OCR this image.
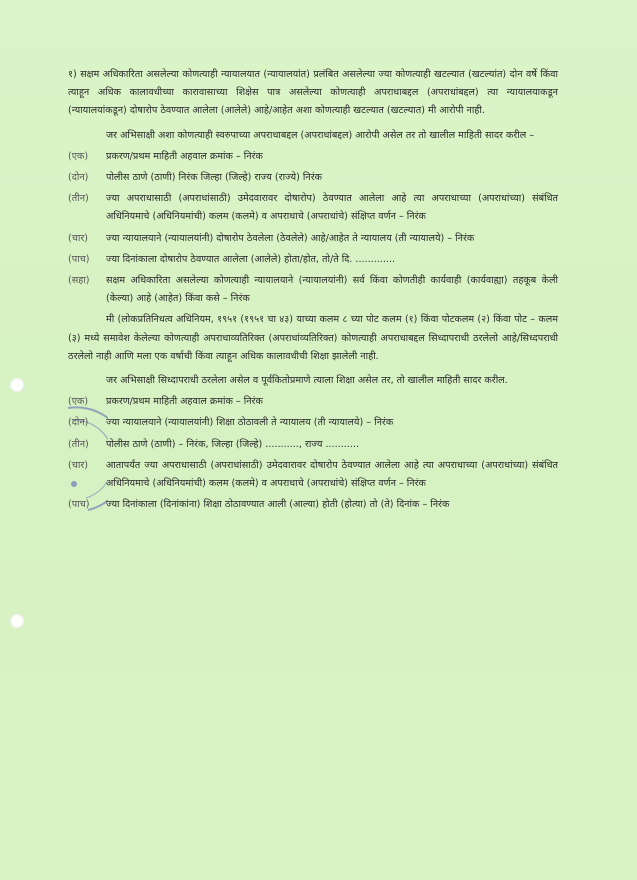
१) सक्षम अधिकारिता असलेल्या कोणत्याही न्यायालयात (न्यायालयांत) प्रलंबित असलेल्या ज्या कोणत्याही खटल्यात (खटल्यांत) दोन वर्षे किंवा त्याहून अधिक कालावधीच्या कारावासाच्या शिक्षेस पात्र असलेल्या कोणत्याही अपराधाबद्दल (अपराधांबद्दल) त्या न्यायालयाकडून (न्यायालयांकडून) दोषारोप ठेवण्यात आलेला (आलेले) आहे/आहेत अशा कोणत्याही खटल्यात (खटल्यात) मी आरोपी नाही.

जर अभिसाक्षी अशा कोणत्याही स्वरुपाच्या अपराधाबद्दल (अपराधांबद्दल) आरोपी असेल तर तो खालील माहिती सादर करील –

(एक)	प्रकरण/प्रथम माहिती अहवाल क्रमांक – निरंक
(दोन)	पोलीस ठाणे (ठाणी) निरंक जिल्हा (जिल्हे) राज्य (राज्ये) निरंक
(तीन)	ज्या अपराधासाठी (अपराधांसाठी) उमेदवारावर दोषारोप) ठेवण्यात आलेला आहे त्या अपराधाच्या (अपराधांच्या) संबंधित अधिनियमाचे (अधिनियमांची) कलम (कलमे) व अपराधाचे (अपराधांचे) संक्षिप्त वर्णन – निरंक
(चार)	ज्या न्यायालयाने (न्यायालयांनी) दोषारोप ठेवलेला (ठेवलेले) आहे/आहेत ते न्यायालय (ती न्यायालये) – निरंक
(पाच)	ज्या दिनांकाला दोषारोप ठेवण्यात आलेला (आलेले) होता/होत, तो/ते दि. .............
(सहा)	सक्षम अधिकारिता असलेल्या कोणत्याही न्यायालयाने (न्यायालयांनी) सर्व किंवा कोणतीही कार्यवाही (कार्यवाह्या) तहकूब केली (केल्या) आहे (आहेत) किंवा कसे – निरंक

मी (लोकप्रतिनिधत्व अधिनियम, १९५१ (१९५१ चा ४३) याच्या कलम ८ च्या पोट कलम (१) किंवा पोटकलम (२) किंवा पोट – कलम (३) मध्ये समावेश केलेल्या कोणत्याही अपराधाव्यतिरिक्त (अपराधांव्यतिरिक्त) कोणत्याही अपराधाबद्दल सिध्दापराधी ठरलेलो आहे/सिध्दपराधी ठरलेलो नाही आणि मला एक वर्षाची किंवा त्याहून अधिक कालावधीची शिक्षा झालेली नाही.

जर अभिसाक्षी सिध्दापराधी ठरलेला असेल व पूर्वकितोप्रमाणे त्याला शिक्षा असेल तर, तो खालील माहिती सादर करील.

(एक)	प्रकरण/प्रथम माहिती अहवाल क्रमांक – निरंक
(दोन)	ज्या न्यायालयाने (न्यायालयांनी) शिक्षा ठोठावली ते न्यायालय (ती न्यायालये) – निरंक
(तीन)	पोलीस ठाणे (ठाणी) – निरंक, जिल्हा (जिल्हे) ..........., राज्य ...........
(चार)	आतापर्यंत ज्या अपराधासाठी (अपराधांसाठी) उमेदवारावर दोषारोप ठेवण्यात आलेला आहे त्या अपराधाच्या (अपराधांच्या) संबंधित अधिनियमाचे (अधिनियमांची) कलम (कलमे) व अपराधाचे (अपराधांचे) संक्षिप्त वर्णन – निरंक
(पाच)	ज्या दिनांकाला (दिनांकांना) शिक्षा ठोठावण्यात आली (आल्या) होती (होत्या) तो (ते) दिनांक – निरंक
